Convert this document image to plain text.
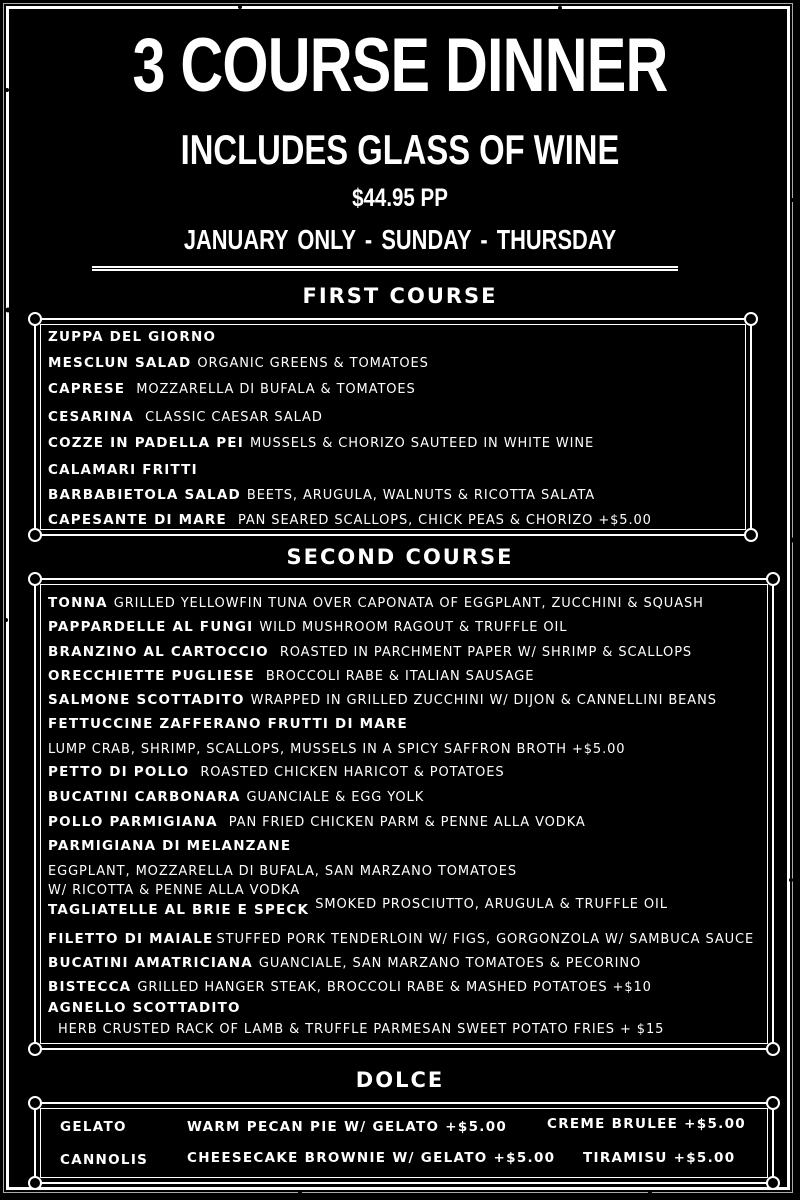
3 COURSE DINNER
INCLUDES GLASS OF WINE
$44.95 PP
JANUARY ONLY - SUNDAY - THURSDAY
FIRST COURSE
ZUPPA DEL GIORNO
MESCLUN SALAD ORGANIC GREENS & TOMATOES
CAPRESE MOZZARELLA DI BUFALA & TOMATOES
CESARINA CLASSIC CAESAR SALAD
COZZE IN PADELLA PEI MUSSELS & CHORIZO SAUTEED IN WHITE WINE
CALAMARI FRITTI
BARBABIETOLA SALAD BEETS, ARUGULA, WALNUTS & RICOTTA SALATA
CAPESANTE DI MARE PAN SEARED SCALLOPS, CHICK PEAS & CHORIZO +$5.00
SECOND COURSE
TONNA GRILLED YELLOWFIN TUNA OVER CAPONATA OF EGGPLANT, ZUCCHINI & SQUASH
PAPPARDELLE AL FUNGI WILD MUSHROOM RAGOUT & TRUFFLE OIL
BRANZINO AL CARTOCCIO ROASTED IN PARCHMENT PAPER W/ SHRIMP & SCALLOPS
ORECCHIETTE PUGLIESE BROCCOLI RABE & ITALIAN SAUSAGE
SALMONE SCOTTADITO WRAPPED IN GRILLED ZUCCHINI W/ DIJON & CANNELLINI BEANS
FETTUCCINE ZAFFERANO FRUTTI DI MARE
LUMP CRAB, SHRIMP, SCALLOPS, MUSSELS IN A SPICY SAFFRON BROTH +$5.00
PETTO DI POLLO ROASTED CHICKEN HARICOT & POTATOES
BUCATINI CARBONARA GUANCIALE & EGG YOLK
POLLO PARMIGIANA PAN FRIED CHICKEN PARM & PENNE ALLA VODKA
PARMIGIANA DI MELANZANE
EGGPLANT, MOZZARELLA DI BUFALA, SAN MARZANO TOMATOES
W/ RICOTTA & PENNE ALLA VODKA
TAGLIATELLE AL BRIE E SPECK SMOKED PROSCIUTTO, ARUGULA & TRUFFLE OIL
FILETTO DI MAIALE STUFFED PORK TENDERLOIN W/ FIGS, GORGONZOLA W/ SAMBUCA SAUCE
BUCATINI AMATRICIANA GUANCIALE, SAN MARZANO TOMATOES & PECORINO
BISTECCA GRILLED HANGER STEAK, BROCCOLI RABE & MASHED POTATOES +$10
AGNELLO SCOTTADITO
HERB CRUSTED RACK OF LAMB & TRUFFLE PARMESAN SWEET POTATO FRIES + $15
DOLCE
GELATO	WARM PECAN PIE W/ GELATO +$5.00	CREME BRULEE +$5.00
CANNOLIS	CHEESECAKE BROWNIE W/ GELATO +$5.00 TIRAMISU +$5.00
